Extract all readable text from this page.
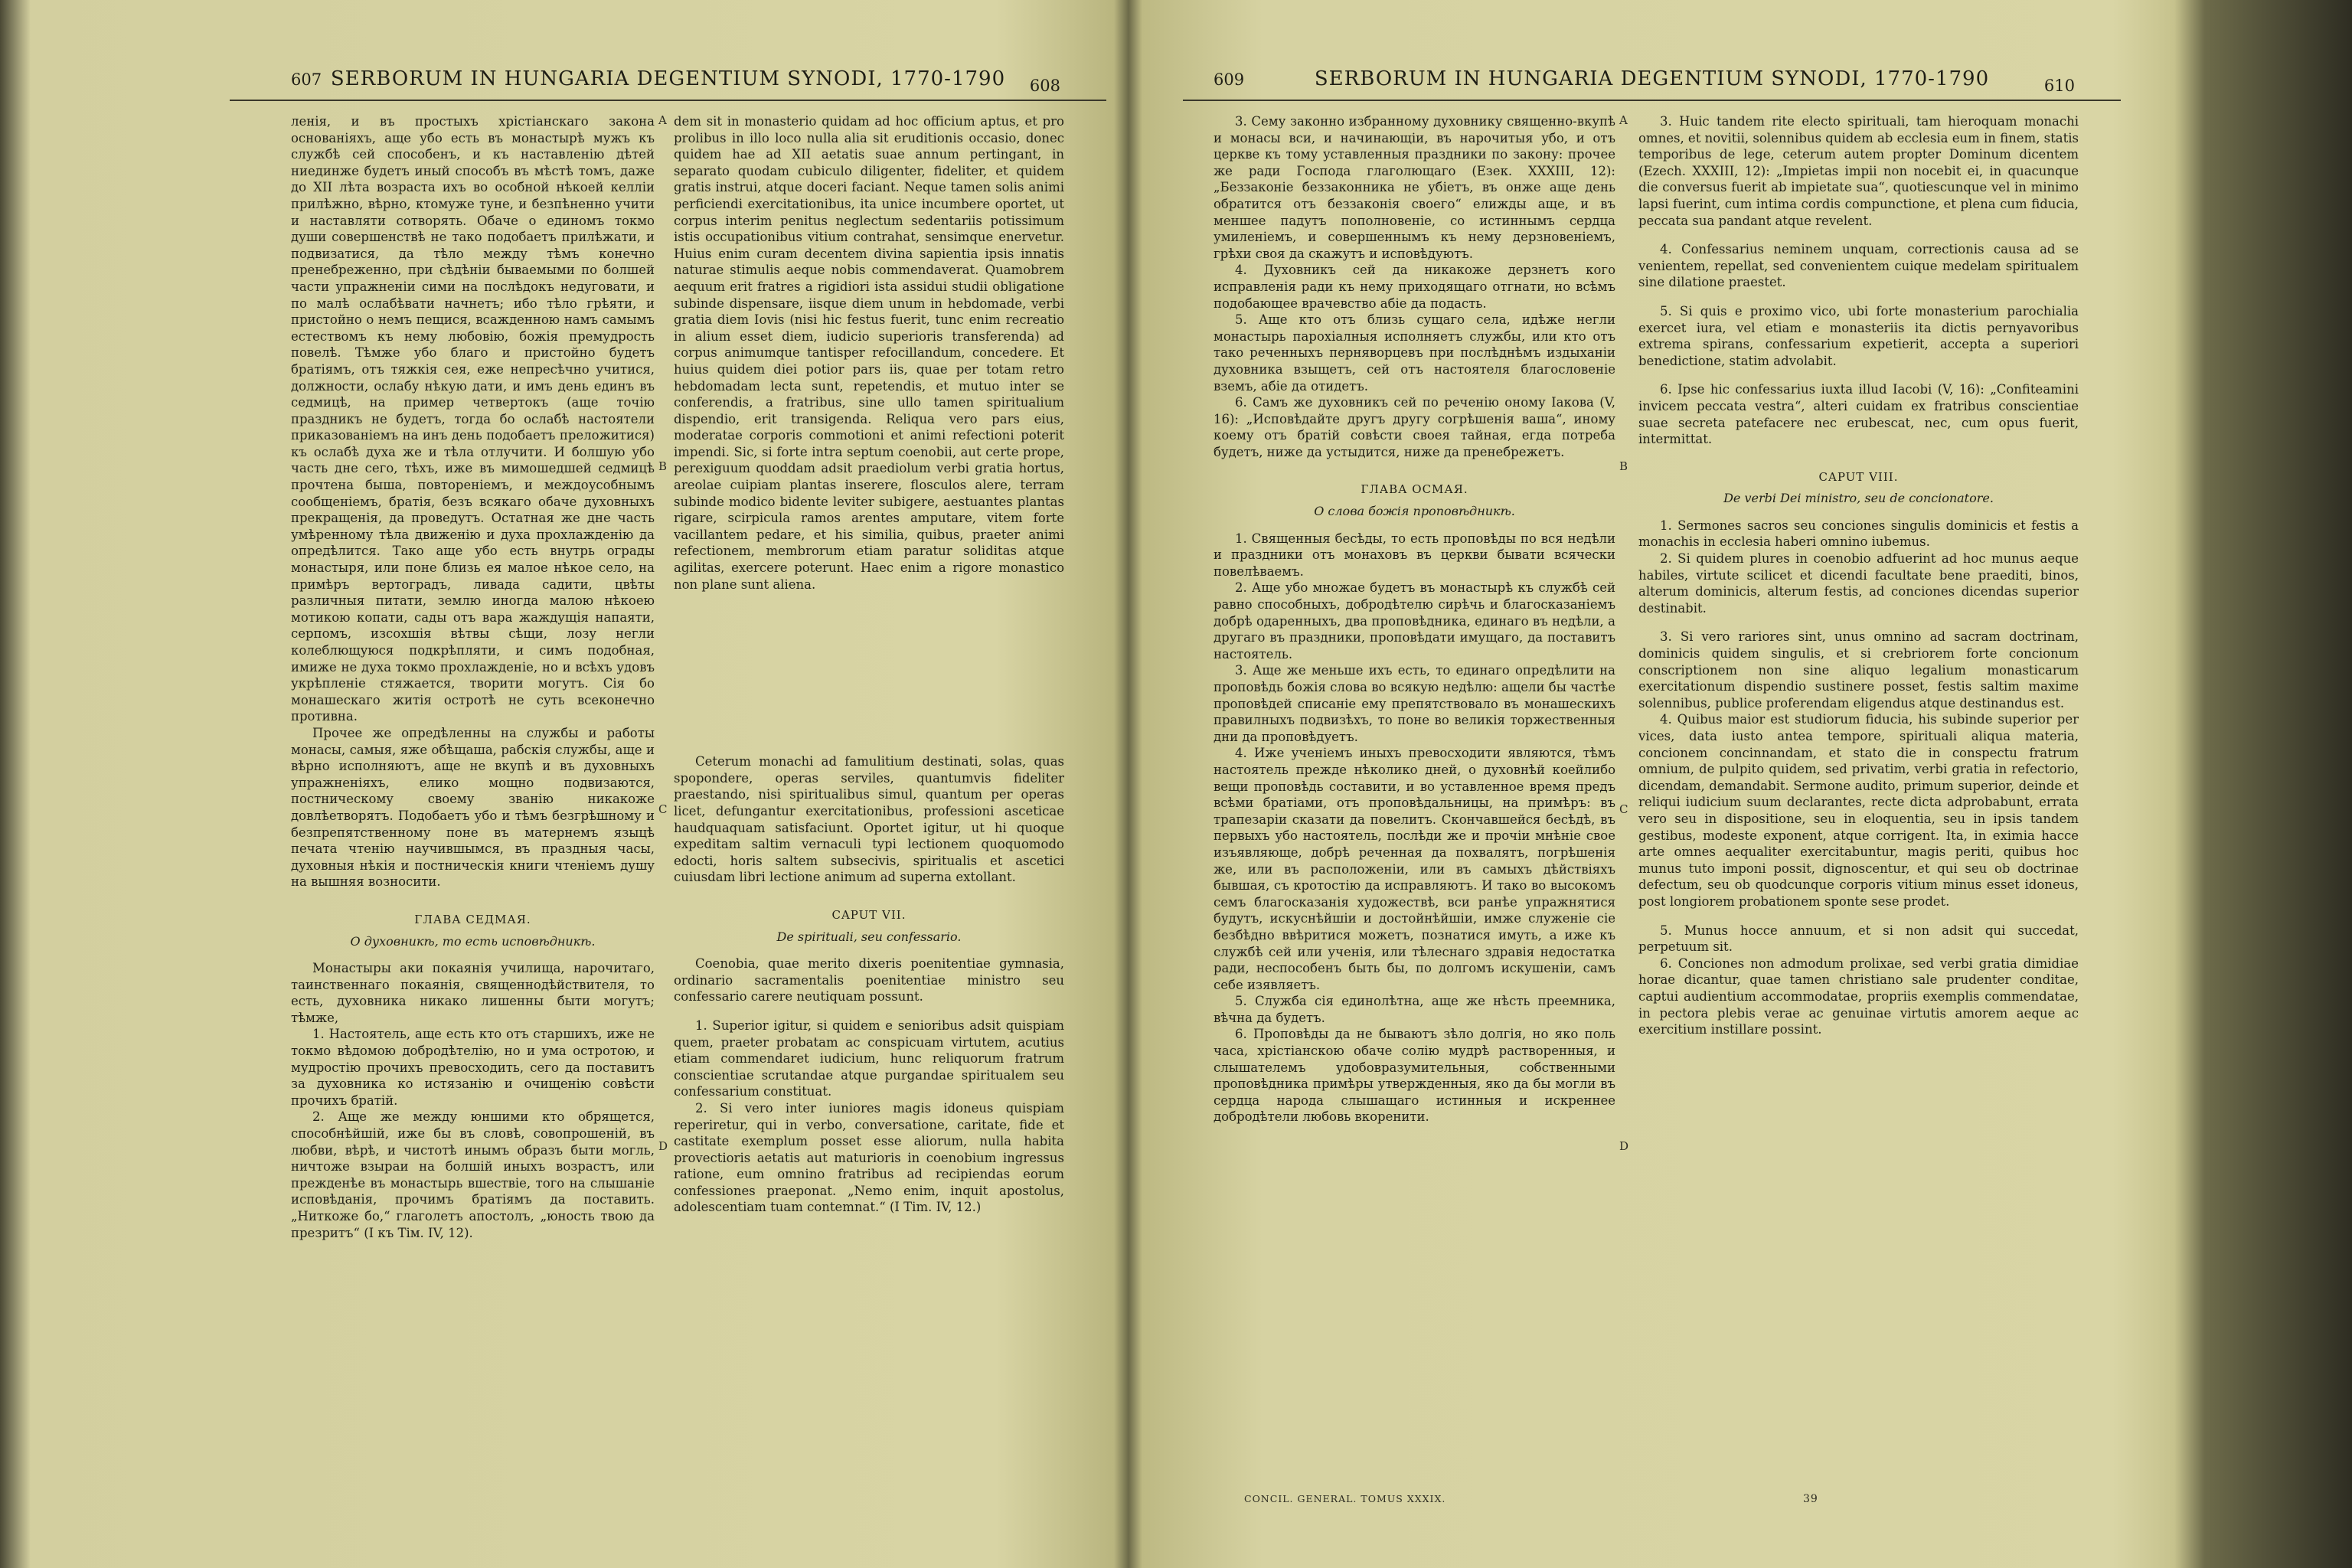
607 SERBORUM IN HUNGARIA DEGENTIUM SYNODI, 1770-1790	608

ленія, и въ простыхъ хрістіанскаго закона основаніяхъ, аще убо есть въ монастырѣ мужъ къ службѣ сей способенъ, и къ наставленію дѣтей ниединже будетъ иный способъ въ мѣстѣ томъ, даже до XII лѣта возраста ихъ во особной нѣкоей келліи прилѣжно, вѣрно, ктомуже туне, и безпѣненно учити и наставляти сотворять. Обаче о единомъ токмо души совершенствѣ не тако подобаетъ прилѣжати, и подвизатися, да тѣло между тѣмъ конечно пренебреженно, при сѣдѣніи бываемыми по болшей части упражненіи сими на послѣдокъ недуговати, и по малѣ ослабѣвати начнетъ; ибо тѣло грѣяти, и пристойно о немъ пещися, всажденною намъ самымъ естествомъ къ нему любовію, божія премудрость повелѣ. Тѣмже убо благо и пристойно будетъ братіямъ, отъ тяжкія сея, еже непресѣчно учитися, должности, ослабу нѣкую дати, и имъ день единъ въ седмицѣ, на пример четвертокъ (аще точію праздникъ не будетъ, тогда бо ослабѣ настоятели приказованіемъ на инъ день подобаетъ преложитися) къ ослабѣ духа же и тѣла отлучити. И болшую убо часть дне сего, тѣхъ, иже въ мимошедшей седмицѣ прочтена быша, повтореніемъ, и междоусобнымъ сообщеніемъ, братія, безъ всякаго обаче духовныхъ прекращенія, да проведутъ. Остатная же дне часть умѣренному тѣла движенію и духа прохлажденію да опредѣлится. Тако аще убо есть внутрь ограды монастыря, или поне близь ея малое нѣкое село, на примѣръ вертоградъ, ливада садити, цвѣты различныя питати, землю иногда малою нѣкоею мотикою копати, сады отъ вара жаждущія напаяти, серпомъ, изсохшія вѣтвы сѣщи, лозу негли колеблющуюся подкрѣпляти, и симъ подобная, имиже не духа токмо прохлажденіе, но и всѣхъ удовъ укрѣпленіе стяжается, творити могутъ. Сія бо монашескаго житія остротѣ не суть всеконечно противна.

Прочее же опредѣленны на службы и работы монасы, самыя, яже обѣщаша, рабскія службы, аще и вѣрно исполняютъ, аще не вкупѣ и въ духовныхъ упражненіяхъ, елико мощно подвизаются, постническому своему званію никакоже довлѣетворятъ. Подобаетъ убо и тѣмъ безгрѣшному и безпрепятственному поне въ матернемъ языцѣ печата чтенію научившымся, въ праздныя часы, духовныя нѣкія и постническія книги чтеніемъ душу на вышняя возносити.

ГЛАВА СЕДМАЯ.
О духовникѣ, то есть исповѣдникѣ.

Монастыры аки покаянія училища, нарочитаго, таинственнаго покаянія, священнодѣйствителя, то есть, духовника никако лишенны быти могутъ; тѣмже,

1. Настоятель, аще есть кто отъ старшихъ, иже не токмо вѣдомою добродѣтелію, но и ума остротою, и мудростію прочихъ превосходить, сего да поставитъ за духовника ко истязанію и очищенію совѣсти прочихъ братій.

2. Аще же между юншими кто обрящется, способнѣйшій, иже бы въ словѣ, совопрошеній, въ любви, вѣрѣ, и чистотѣ инымъ образъ быти могль, ничтоже взыраи на болшій иныхъ возрастъ, или прежденѣе въ монастырь вшествіе, того на слышаніе исповѣданія, прочимъ братіямъ да поставить. „Ниткоже бо,“ глаголетъ апостолъ, „юность твою да презритъ“ (I къ Тім. IV, 12).

dem sit in monasterio quidam ad hoc officium aptus, et pro prolibus in illo loco nulla alia sit eruditionis occasio, donec quidem hae ad XII aetatis suae annum pertingant, in separato quodam cubiculo diligenter, fideliter, et quidem gratis instrui, atque doceri faciant. Neque tamen solis animi perficiendi exercitationibus, ita unice incumbere oportet, ut corpus interim penitus neglectum sedentariis potissimum istis occupationibus vitium contrahat, sensimque enervetur. Huius enim curam decentem divina sapientia ipsis innatis naturae stimulis aeque nobis commendaverat. Quamobrem aequum erit fratres a rigidiori ista assidui studii obligatione subinde dispensare, iisque diem unum in hebdomade, verbi gratia diem Iovis (nisi hic festus fuerit, tunc enim recreatio in alium esset diem, iudicio superioris transferenda) ad corpus animumque tantisper refocillandum, concedere. Et huius quidem diei potior pars iis, quae per totam retro hebdomadam lecta sunt, repetendis, et mutuo inter se conferendis, a fratribus, sine ullo tamen spiritualium dispendio, erit transigenda. Reliqua vero pars eius, moderatae corporis commotioni et animi refectioni poterit impendi. Sic, si forte intra septum coenobii, aut certe prope, perexiguum quoddam adsit praediolum verbi gratia hortus, areolae cuipiam plantas inserere, flosculos alere, terram subinde modico bidente leviter subigere, aestuantes plantas rigare, scirpicula ramos arentes amputare, vitem forte vacillantem pedare, et his similia, quibus, praeter animi refectionem, membrorum etiam paratur soliditas atque agilitas, exercere poterunt. Haec enim a rigore monastico non plane sunt aliena.

Ceterum monachi ad famulitium destinati, solas, quas spoponderе, operas serviles, quantumvis fideliter praestando, nisi spiritualibus simul, quantum per operas licet, defungantur exercitationibus, professioni asceticae haudquaquam satisfaciunt. Oportet igitur, ut hi quoque expeditam saltim vernaculi typi lectionem quoquomodo edocti, horis saltem subsecivis, spiritualis et ascetici cuiusdam libri lectione animum ad superna extollant.

CAPUT VII.
De spirituali, seu confessario.

Coenobia, quae merito dixeris poenitentiae gymnasia, ordinario sacramentalis poenitentiae ministro seu confessario carere neutiquam possunt.

1. Superior igitur, si quidem e senioribus adsit quispiam quem, praeter probatam ac conspicuam virtutem, acutius etiam commendaret iudicium, hunc reliquorum fratrum conscientiae scrutandae atque purgandae spiritualem seu confessarium constituat.

2. Si vero inter iuniores magis idoneus quispiam reperiretur, qui in verbo, conversatione, caritate, fide et castitate exemplum posset esse aliorum, nulla habita provectioris aetatis aut maturioris in coenobium ingressus ratione, eum omnino fratribus ad recipiendas eorum confessiones praeponat. „Nemo enim, inquit apostolus, adolescentiam tuam contemnat.“ (I Tim. IV, 12.)

A
B
C
D
609	SERBORUM IN HUNGARIA DEGENTIUM SYNODI, 1770-1790	610

3. Сему законно избранному духовнику священно-вкупѣ и монасы вси, и начинающіи, въ нарочитыя убо, и отъ церкве къ тому уставленныя праздники по закону: прочее же ради Господа глаголющаго (Езек. XXXIII, 12): „Беззаконіе беззаконника не убіетъ, въ онже аще день обратится отъ беззаконія своего“ елижды аще, и въ меншее падутъ пополновеніе, со истиннымъ сердца умиленіемъ, и совершеннымъ къ нему дерзновеніемъ, грѣхи своя да скажутъ и исповѣдуютъ.

4. Духовникъ сей да никакоже дерзнетъ кого исправленія ради къ нему приходящаго отгнати, но всѣмъ подобающее врачевство абіе да подасть.

5. Аще кто отъ близь сущаго села, идѣже негли монастырь парохіалныя исполняетъ службы, или кто отъ тако реченныхъ перняворцевъ при послѣднѣмъ издыханіи духовника взыщетъ, сей отъ настоятеля благословеніе вземъ, абіе да отидетъ.

6. Самъ же духовникъ сей по реченію оному Іакова (V, 16): „Исповѣдайте другъ другу согрѣшенія ваша“, иному коему отъ братій совѣсти своея тайная, егда потреба будетъ, ниже да устыдится, ниже да пренебрежетъ.

ГЛАВА ОСМАЯ.
О слова божія проповѣдникѣ.

1. Священныя бесѣды, то есть проповѣды по вся недѣли и праздники отъ монаховъ въ церкви бывати всячески повелѣваемъ.

2. Аще убо множае будетъ въ монастырѣ къ службѣ сей равно способныхъ, добродѣтелю сирѣчь и благосказаніемъ добрѣ одаренныхъ, два проповѣдника, единаго въ недѣли, а другаго въ праздники, проповѣдати имущаго, да поставитъ настоятель.

3. Аще же меньше ихъ есть, то единаго опредѣлити на проповѣдь божія слова во всякую недѣлю: ащели бы частѣе проповѣдей списаніе ему препятствовало въ монашескихъ правилныхъ подвизѣхъ, то поне во великія торжественныя дни да проповѣдуетъ.

4. Иже ученіемъ иныхъ превосходити являются, тѣмъ настоятель прежде нѣколико дней, о духовнѣй коейлибо вещи проповѣдь составити, и во уставленное время предъ всѣми братіами, отъ проповѣдальницы, на примѣръ: въ трапезаріи сказати да повелитъ. Скончавшейся бесѣдѣ, въ первыхъ убо настоятель, послѣди же и прочіи мнѣніе свое изъявляюще, добрѣ реченная да похвалятъ, погрѣшенія же, или въ расположеніи, или въ самыхъ дѣйствіяхъ бывшая, съ кротостію да исправляютъ. И тако во высокомъ семъ благосказанія художествѣ, вси ранѣе упражнятися будутъ, искуснѣйшіи и достойнѣйшіи, имже служеніе сіе безбѣдно ввѣритися можетъ, познатися имуть, а иже къ службѣ сей или ученія, или тѣлеснаго здравія недостатка ради, неспособенъ быть бы, по долгомъ искушеніи, самъ себе изявляетъ.

5. Служба сія единолѣтна, аще же нѣсть преемника, вѣчна да будетъ.

6. Проповѣды да не бываютъ зѣло долгія, но яко поль часа, хрістіанскою обаче солію мудрѣ растворенныя, и слышателемъ удобовразумительныя, собственными проповѣдника примѣры утвержденныя, яко да бы могли въ сердца народа слышащаго истинныя и искреннее добродѣтели любовь вкоренити.

3. Huic tandem rite electo spirituali, tam hieroquam monachi omnes, et novitii, solennibus quidem ab ecclesia eum in finem, statis temporibus de lege, ceterum autem propter Dominum dicentem (Ezech. XXXIII, 12): „Impietas impii non nocebit ei, in quacunque die conversus fuerit ab impietate sua“, quotiescunque vel in minimo lapsi fuerint, cum intima cordis compunctione, et plena cum fiducia, peccata sua pandant atque revelent.

4. Confessarius neminem unquam, correctionis causa ad se venientem, repellat, sed convenientem cuique medelam spiritualem sine dilatione praestet.

5. Si quis e proximo vico, ubi forte monasterium parochialia exercet iura, vel etiam e monasteriis ita dictis pernyavoribus extrema spirans, confessarium expetierit, accepta a superiori benedictione, statim advolabit.

6. Ipse hic confessarius iuxta illud Iacobi (V, 16): „Confiteamini invicem peccata vestra“, alteri cuidam ex fratribus conscientiae suae secreta patefacere nec erubescat, nec, cum opus fuerit, intermittat.

CAPUT VIII.
De verbi Dei ministro, seu de concionatore.

1. Sermones sacros seu conciones singulis dominicis et festis a monachis in ecclesia haberi omnino iubemus.

2. Si quidem plures in coenobio adfuerint ad hoc munus aeque habiles, virtute scilicet et dicendi facultate bene praediti, binos, alterum dominicis, alterum festis, ad conciones dicendas superior destinabit.

3. Si vero rariores sint, unus omnino ad sacram doctrinam, dominicis quidem singulis, et si crebriorem forte concionum conscriptionem non sine aliquo legalium monasticarum exercitationum dispendio sustinere posset, festis saltim maxime solennibus, publice proferendam eligendus atque destinandus est.

4. Quibus maior est studiorum fiducia, his subinde superior per vices, data iusto antea tempore, spirituali aliqua materia, concionem concinnandam, et stato die in conspectu fratrum omnium, de pulpito quidem, sed privatim, verbi gratia in refectorio, dicendam, demandabit. Sermone audito, primum superior, deinde et reliqui iudicium suum declarantes, recte dicta adprobabunt, errata vero seu in dispositione, seu in eloquentia, seu in ipsis tandem gestibus, modeste exponent, atque corrigent. Ita, in eximia hacce arte omnes aequaliter exercitabuntur, magis periti, quibus hoc munus tuto imponi possit, dignoscentur, et qui seu ob doctrinae defectum, seu ob quodcunque corporis vitium minus esset idoneus, post longiorem probationem sponte sese prodet.

5. Munus hocce annuum, et si non adsit qui succedat, perpetuum sit.

6. Conciones non admodum prolixae, sed verbi gratia dimidiae horae dicantur, quae tamen christiano sale prudenter conditae, captui audientium accommodatae, propriis exemplis commendatae, in pectora plebis verae ac genuinae virtutis amorem aeque ac exercitium instillare possint.

A
B
C
D
CONCIL. GENERAL. TOMUS XXXIX.	39
